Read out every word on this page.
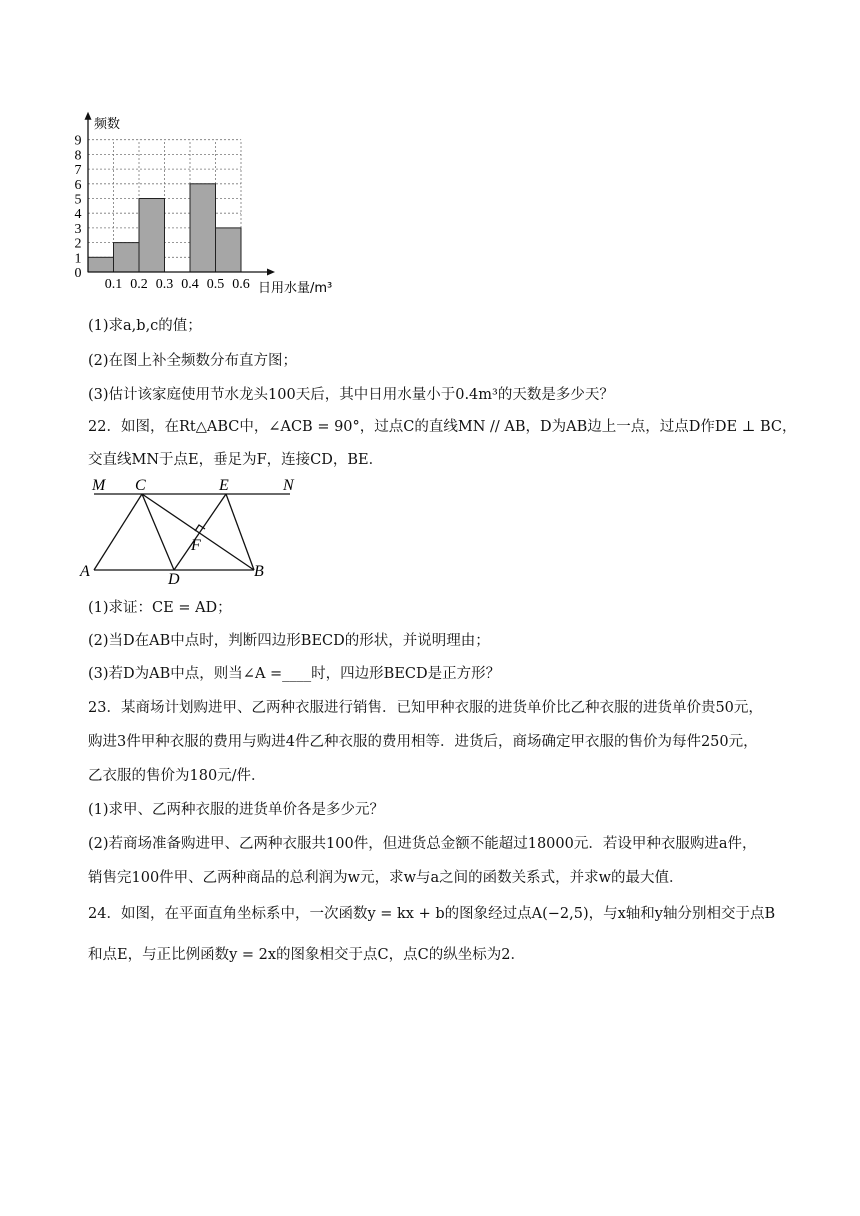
0
1
2
3
4
5
6
7
8
9
0.1 0.2 0.3 0.4 0.5 0.6
频数
日用水量/m³
(1)求a,b,c的值；
(2)在图上补全频数分布直方图；
(3)估计该家庭使用节水龙头100天后，其中日用水量小于0.4m³的天数是多少天？
22．如图，在Rt△ABC中，∠ACB = 90°，过点C的直线MN // AB，D为AB边上一点，过点D作DE ⊥ BC，
交直线MN于点E，垂足为F，连接CD，BE．
M C	E	N
F
A	D	B
(1)求证：CE = AD；
(2)当D在AB中点时，判断四边形BECD的形状，并说明理由；
(3)若D为AB中点，则当∠A =____时，四边形BECD是正方形？
23．某商场计划购进甲、乙两种衣服进行销售．已知甲种衣服的进货单价比乙种衣服的进货单价贵50元，
购进3件甲种衣服的费用与购进4件乙种衣服的费用相等．进货后，商场确定甲衣服的售价为每件250元，
乙衣服的售价为180元/件．
(1)求甲、乙两种衣服的进货单价各是多少元？
(2)若商场准备购进甲、乙两种衣服共100件，但进货总金额不能超过18000元．若设甲种衣服购进a件，
销售完100件甲、乙两种商品的总利润为w元，求w与a之间的函数关系式，并求w的最大值．
24．如图，在平面直角坐标系中，一次函数y = kx + b的图象经过点A(−2,5)，与x轴和y轴分别相交于点B
和点E，与正比例函数y = 2x的图象相交于点C，点C的纵坐标为2．
